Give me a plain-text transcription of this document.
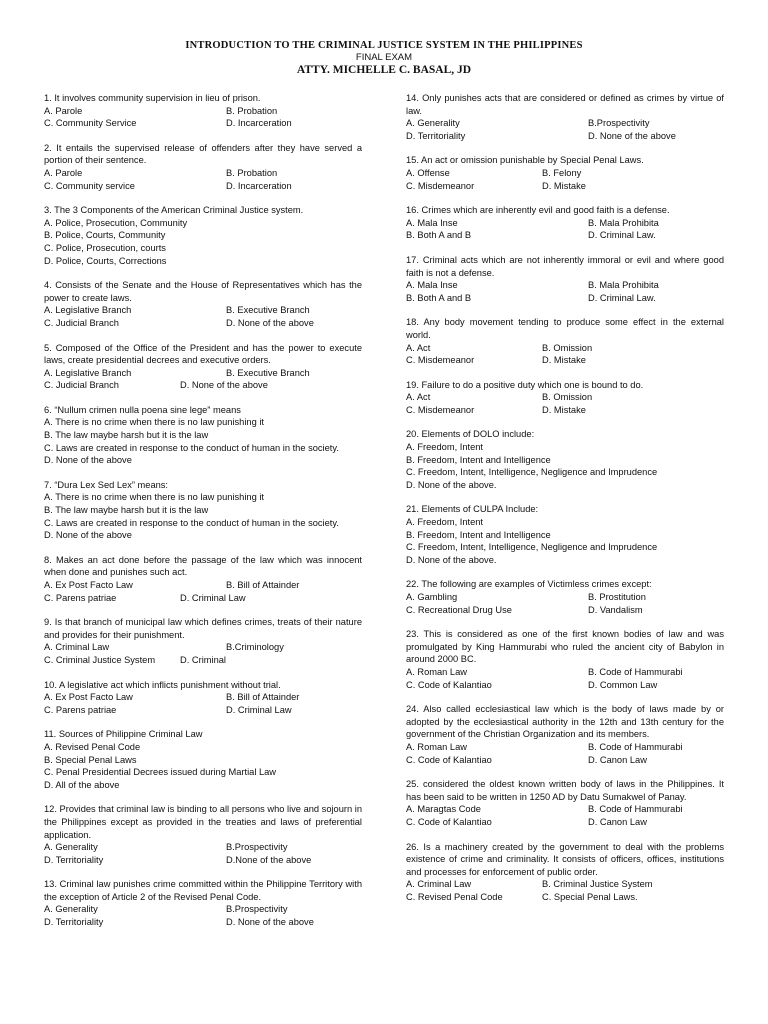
INTRODUCTION TO THE CRIMINAL JUSTICE SYSTEM IN THE PHILIPPINES
FINAL EXAM
ATTY. MICHELLE C. BASAL, JD
1. It involves community supervision in lieu of prison.
A. Parole	B. Probation
C. Community Service	D. Incarceration
2. It entails the supervised release of offenders after they have served a portion of their sentence.
A. Parole	B. Probation
C. Community service	D. Incarceration
3. The 3 Components of the American Criminal Justice system.
A. Police, Prosecution, Community
B. Police, Courts, Community
C. Police, Prosecution, courts
D. Police, Courts, Corrections
4. Consists of the Senate and the House of Representatives which has the power to create laws.
A. Legislative Branch	B. Executive Branch
C. Judicial Branch	D. None of the above
5. Composed of the Office of the President and has the power to execute laws, create presidential decrees and executive orders.
A. Legislative Branch	B. Executive Branch
C. Judicial Branch	D. None of the above
6. “Nullum crimen nulla poena sine lege” means
A. There is no crime when there is no law punishing it
B. The law maybe harsh but it is the law
C. Laws are created in response to the conduct of human in the society.
D. None of the above
7. “Dura Lex Sed Lex” means:
A. There is no crime when there is no law punishing it
B. The law maybe harsh but it is the law
C. Laws are created in response to the conduct of human in the society.
D. None of the above
8. Makes an act done before the passage of the law which was innocent when done and punishes such act.
A. Ex Post Facto Law	B. Bill of Attainder
C. Parens patriae	D. Criminal Law
9. Is that branch of municipal law which defines crimes, treats of their nature and provides for their punishment.
A. Criminal Law	B.Criminology
C. Criminal Justice System	D. Criminal
10. A legislative act which inflicts punishment without trial.
A. Ex Post Facto Law	B. Bill of Attainder
C. Parens patriae	D. Criminal Law
11. Sources of Philippine Criminal Law
A. Revised Penal Code
B. Special Penal Laws
C. Penal Presidential Decrees issued during Martial Law
D. All of the above
12. Provides that criminal law is binding to all persons who live and sojourn in the Philippines except as provided in the treaties and laws of preferential application.
A. Generality	B.Prospectivity
D. Territoriality	D.None of the above
13. Criminal law punishes crime committed within the Philippine Territory with the exception of Article 2 of the Revised Penal Code.
A. Generality	B.Prospectivity
D. Territoriality	D. None of the above
14. Only punishes acts that are considered or defined as crimes by virtue of law.
A. Generality	B.Prospectivity
D. Territoriality	D. None of the above
15. An act or omission punishable by Special Penal Laws.
A. Offense	B. Felony
C. Misdemeanor	D. Mistake
16. Crimes which are inherently evil and good faith is a defense.
A. Mala Inse	B. Mala Prohibita
B. Both A and B	D. Criminal Law.
17. Criminal acts which are not inherently immoral or evil and where good faith is not a defense.
A. Mala Inse	B. Mala Prohibita
B. Both A and B	D. Criminal Law.
18. Any body movement tending to produce some effect in the external world.
A. Act	B. Omission
C. Misdemeanor	D. Mistake
19. Failure to do a positive duty which one is bound to do.
A. Act	B. Omission
C. Misdemeanor	D. Mistake
20. Elements of DOLO include:
A. Freedom, Intent
B. Freedom, Intent and Intelligence
C. Freedom, Intent, Intelligence, Negligence and Imprudence
D. None of the above.
21. Elements of CULPA Include:
A. Freedom, Intent
B. Freedom, Intent and Intelligence
C. Freedom, Intent, Intelligence, Negligence and Imprudence
D. None of the above.
22. The following are examples of Victimless crimes except:
A. Gambling	B. Prostitution
C. Recreational Drug Use	D. Vandalism
23. This is considered as one of the first known bodies of law and was promulgated by King Hammurabi who ruled the ancient city of Babylon in around 2000 BC.
A. Roman Law	B. Code of Hammurabi
C. Code of Kalantiao	D. Common Law
24. Also called ecclesiastical law which is the body of laws made by or adopted by the ecclesiastical authority in the 12th and 13th century for the government of the Christian Organization and its members.
A. Roman Law	B. Code of Hammurabi
C. Code of Kalantiao	D. Canon Law
25. considered the oldest known written body of laws in the Philippines. It has been said to be written in 1250 AD by Datu Sumakwel of Panay.
A. Maragtas Code	B. Code of Hammurabi
C. Code of Kalantiao	D. Canon Law
26. Is a machinery created by the government to deal with the problems existence of crime and criminality. It consists of officers, offices, institutions and processes for enforcement of public order.
A. Criminal Law	B. Criminal Justice System
C. Revised Penal Code	C. Special Penal Laws.
